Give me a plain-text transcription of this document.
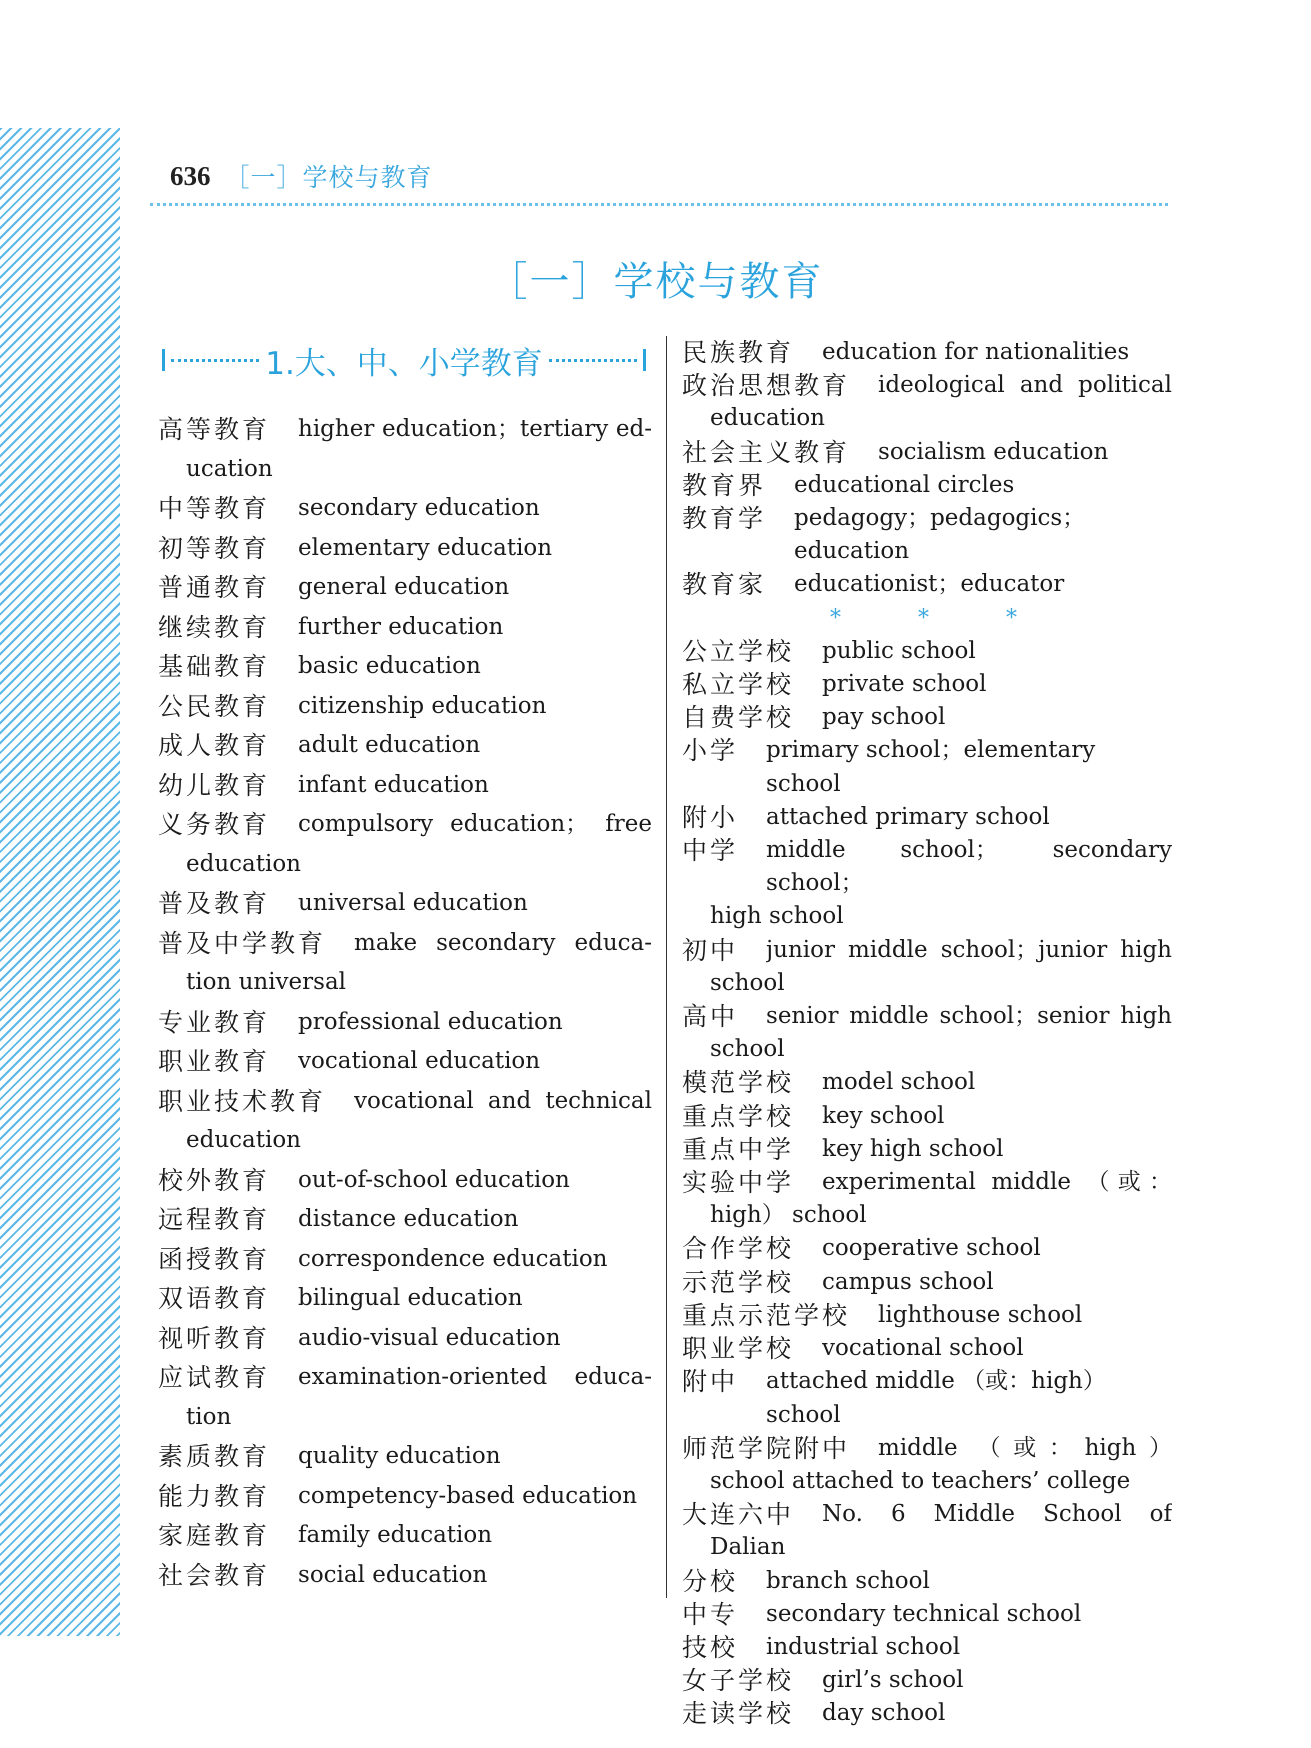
636 ［一］学校与教育
［一］学校与教育
1.大、中、小学教育
高等教育 higher education；tertiary ed-
ucation
中等教育 secondary education
初等教育 elementary education
普通教育 general education
继续教育 further education
基础教育 basic education
公民教育 citizenship education
成人教育 adult education
幼儿教育 infant education
义务教育 compulsory education； free
education
普及教育 universal education
普及中学教育 make secondary educa-
tion universal
专业教育 professional education
职业教育 vocational education
职业技术教育 vocational and technical
education
校外教育 out-of-school education
远程教育 distance education
函授教育 correspondence education
双语教育 bilingual education
视听教育 audio-visual education
应试教育 examination-oriented educa-
tion
素质教育 quality education
能力教育 competency-based education
家庭教育 family education
社会教育 social education
民族教育 education for nationalities
政治思想教育 ideological and political
education
社会主义教育 socialism education
教育界 educational circles
教育学 pedagogy；pedagogics；education
教育家 educationist；educator
*	*	*
公立学校 public school
私立学校 private school
自费学校 pay school
小学 primary school；elementary school
附小 attached primary school
中学 middle school； secondary school；
high school
初中 junior middle school；junior high
school
高中 senior middle school；senior high
school
模范学校 model school
重点学校 key school
重点中学 key high school
实验中学 experimental middle （或：
high） school
合作学校 cooperative school
示范学校 campus school
重点示范学校 lighthouse school
职业学校 vocational school
附中 attached middle （或：high） school
师范学院附中 middle （或：high）
school attached to teachers’ college
大连六中 No. 6 Middle School of
Dalian
分校 branch school
中专 secondary technical school
技校 industrial school
女子学校 girl’s school
走读学校 day school
